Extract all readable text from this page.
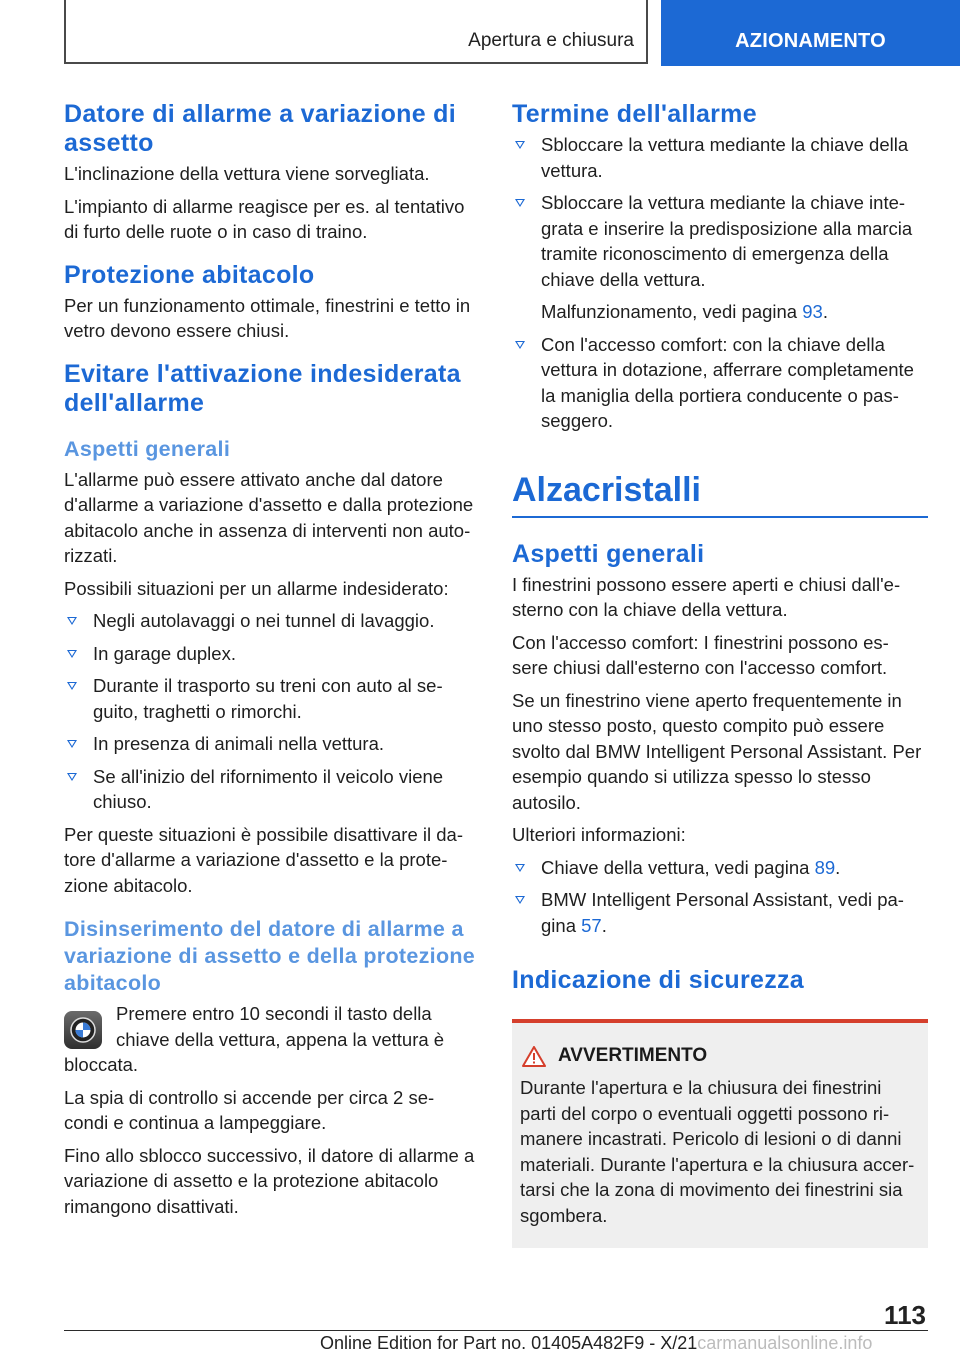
Apertura e chiusura	AZIONAMENTO
Datore di allarme a variazione di assetto

L'inclinazione della vettura viene sorvegliata.

L'impianto di allarme reagisce per es. al tentativo di furto delle ruote o in caso di traino.

Protezione abitacolo

Per un funzionamento ottimale, finestrini e tetto in vetro devono essere chiusi.

Evitare l'attivazione indesiderata dell'allarme
Aspetti generali

L'allarme può essere attivato anche dal datore d'allarme a variazione d'assetto e dalla protezione abitacolo anche in assenza di interventi non auto- rizzati.

Possibili situazioni per un allarme indesiderato:

Negli autolavaggi o nei tunnel di lavaggio.
In garage duplex.
Durante il trasporto su treni con auto al se- guito, traghetti o rimorchi.
In presenza di animali nella vettura.
Se all'inizio del rifornimento il veicolo viene chiuso.

Per queste situazioni è possibile disattivare il da- tore d'allarme a variazione d'assetto e la prote- zione abitacolo.

Disinserimento del datore di allarme a variazione di assetto e della protezione abitacolo
Premere entro 10 secondi il tasto della chiave della vettura, appena la vettura è bloccata.

La spia di controllo si accende per circa 2 se- condi e continua a lampeggiare.

Fino allo sblocco successivo, il datore di allarme a variazione di assetto e la protezione abitacolo rimangono disattivati.

Termine dell'allarme
Sbloccare la vettura mediante la chiave della vettura.
Sbloccare la vettura mediante la chiave inte- grata e inserire la predisposizione alla marcia tramite riconoscimento di emergenza della chiave della vettura.

Malfunzionamento, vedi pagina 93.

Con l'accesso comfort: con la chiave della vettura in dotazione, afferrare completamente la maniglia della portiera conducente o pas- seggero.
Alzacristalli
Aspetti generali

I finestrini possono essere aperti e chiusi dall'e- sterno con la chiave della vettura.

Con l'accesso comfort: I finestrini possono es- sere chiusi dall'esterno con l'accesso comfort.

Se un finestrino viene aperto frequentemente in uno stesso posto, questo compito può essere svolto dal BMW Intelligent Personal Assistant. Per esempio quando si utilizza spesso lo stesso autosilo.

Ulteriori informazioni:

Chiave della vettura, vedi pagina 89.
BMW Intelligent Personal Assistant, vedi pa- gina 57.
Indicazione di sicurezza
AVVERTIMENTO

Durante l'apertura e la chiusura dei finestrini parti del corpo o eventuali oggetti possono ri- manere incastrati. Pericolo di lesioni o di danni materiali. Durante l'apertura e la chiusura accer- tarsi che la zona di movimento dei finestrini sia sgombera.

113
Online Edition for Part no. 01405A482F9 - X/21carmanualsonline.info
